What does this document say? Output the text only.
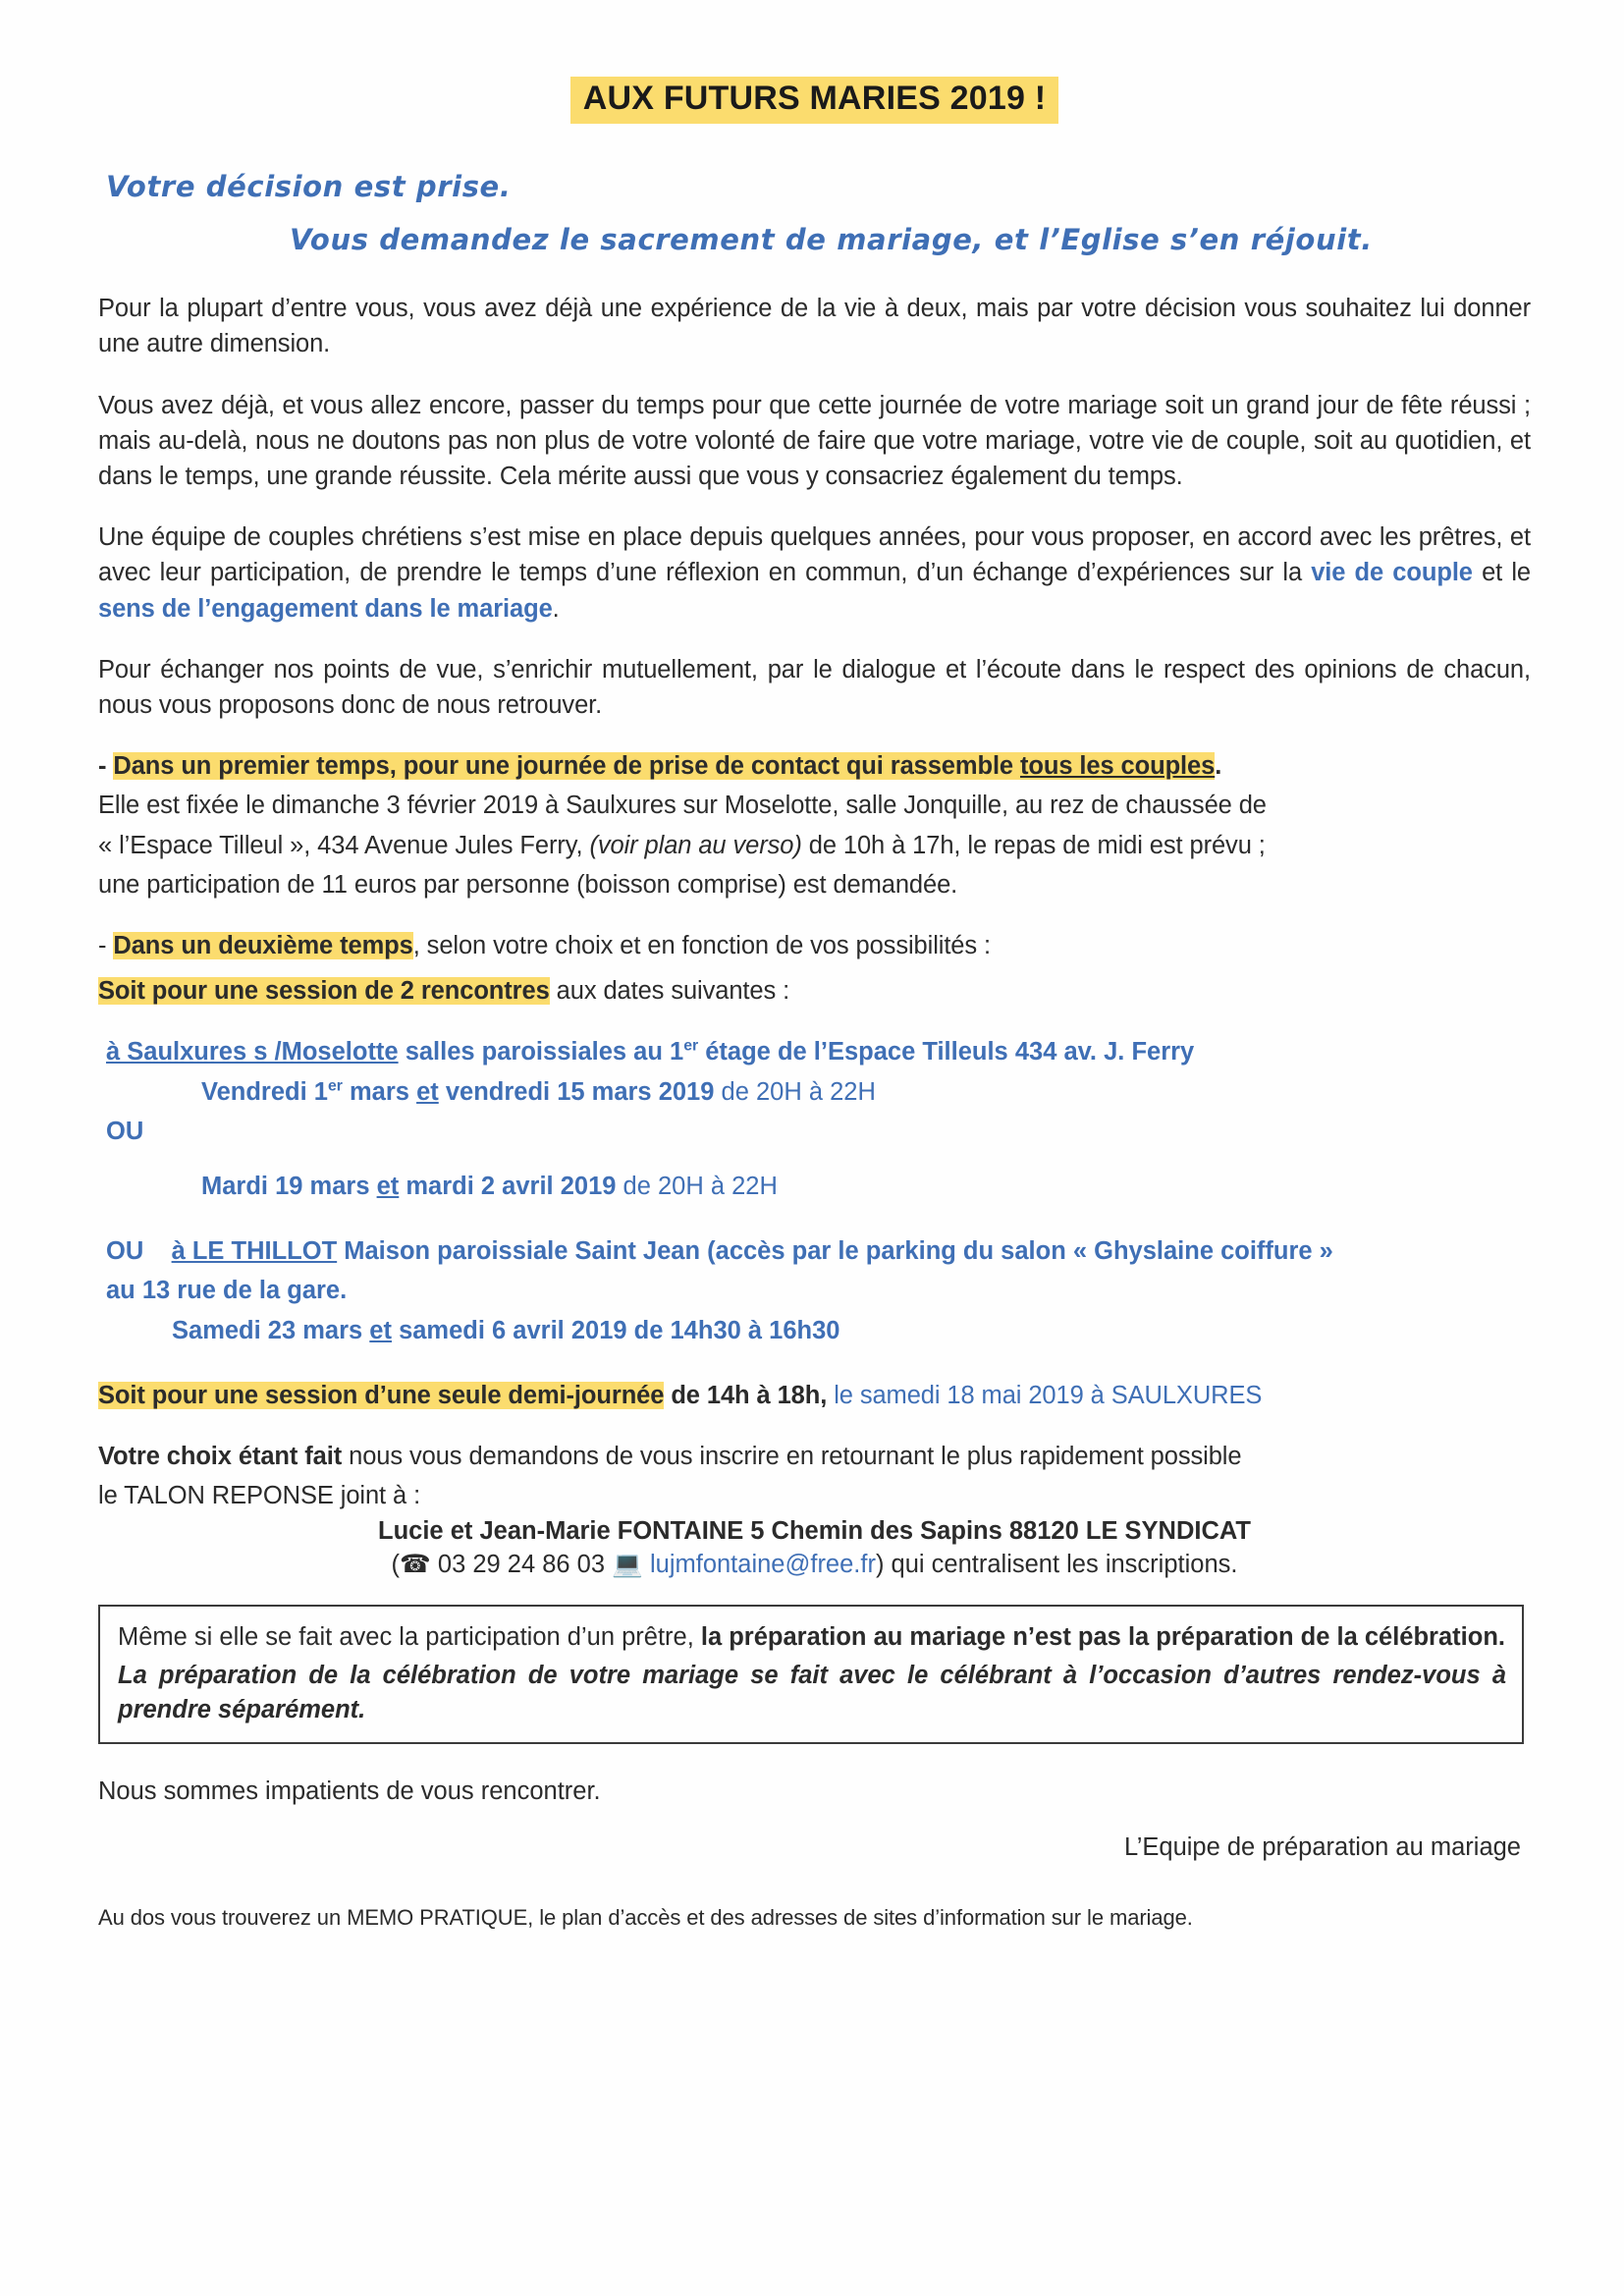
AUX FUTURS MARIES 2019 !

Votre décision est prise.

Vous demandez le sacrement de mariage, et l’Eglise s’en réjouit.

Pour la plupart d’entre vous, vous avez déjà une expérience de la vie à deux, mais par votre décision vous souhaitez lui donner une autre dimension.

Vous avez déjà, et vous allez encore, passer du temps pour que cette journée de votre mariage soit un grand jour de fête réussi ; mais au-delà, nous ne doutons pas non plus de votre volonté de faire que votre mariage, votre vie de couple, soit au quotidien, et dans le temps, une grande réussite. Cela mérite aussi que vous y consacriez également du temps.

Une équipe de couples chrétiens s’est mise en place depuis quelques années, pour vous proposer, en accord avec les prêtres, et avec leur participation, de prendre le temps d’une réflexion en commun, d’un échange d’expériences sur la vie de couple et le sens de l’engagement dans le mariage.

Pour échanger nos points de vue, s’enrichir mutuellement, par le dialogue et l’écoute dans le respect des opinions de chacun, nous vous proposons donc de nous retrouver.

- Dans un premier temps, pour une journée de prise de contact qui rassemble tous les couples.

Elle est fixée le dimanche 3 février 2019 à Saulxures sur Moselotte, salle Jonquille, au rez de chaussée de

« l’Espace Tilleul », 434 Avenue Jules Ferry, (voir plan au verso) de 10h à 17h, le repas de midi est prévu ;

une participation de 11 euros par personne (boisson comprise) est demandée.

- Dans un deuxième temps, selon votre choix et en fonction de vos possibilités :

Soit pour une session de 2 rencontres aux dates suivantes :

à Saulxures s /Moselotte salles paroissiales au 1er étage de l’Espace Tilleuls 434 av. J. Ferry

Vendredi 1er mars et vendredi 15 mars 2019 de 20H à 22H

OU

Mardi 19 mars et mardi 2 avril 2019 de 20H à 22H

OU à LE THILLOT Maison paroissiale Saint Jean (accès par le parking du salon « Ghyslaine coiffure »

au 13 rue de la gare.

Samedi 23 mars et samedi 6 avril 2019 de 14h30 à 16h30

Soit pour une session d’une seule demi-journée de 14h à 18h, le samedi 18 mai 2019 à SAULXURES

Votre choix étant fait nous vous demandons de vous inscrire en retournant le plus rapidement possible

le TALON REPONSE joint à :

Lucie et Jean-Marie FONTAINE 5 Chemin des Sapins 88120 LE SYNDICAT

(☎ 03 29 24 86 03 💻 lujmfontaine@free.fr) qui centralisent les inscriptions.

Même si elle se fait avec la participation d’un prêtre, la préparation au mariage n’est pas la préparation de la célébration.

La préparation de la célébration de votre mariage se fait avec le célébrant à l’occasion d’autres rendez-vous à prendre séparément.

Nous sommes impatients de vous rencontrer.

L’Equipe de préparation au mariage

Au dos vous trouverez un MEMO PRATIQUE, le plan d’accès et des adresses de sites d’information sur le mariage.
